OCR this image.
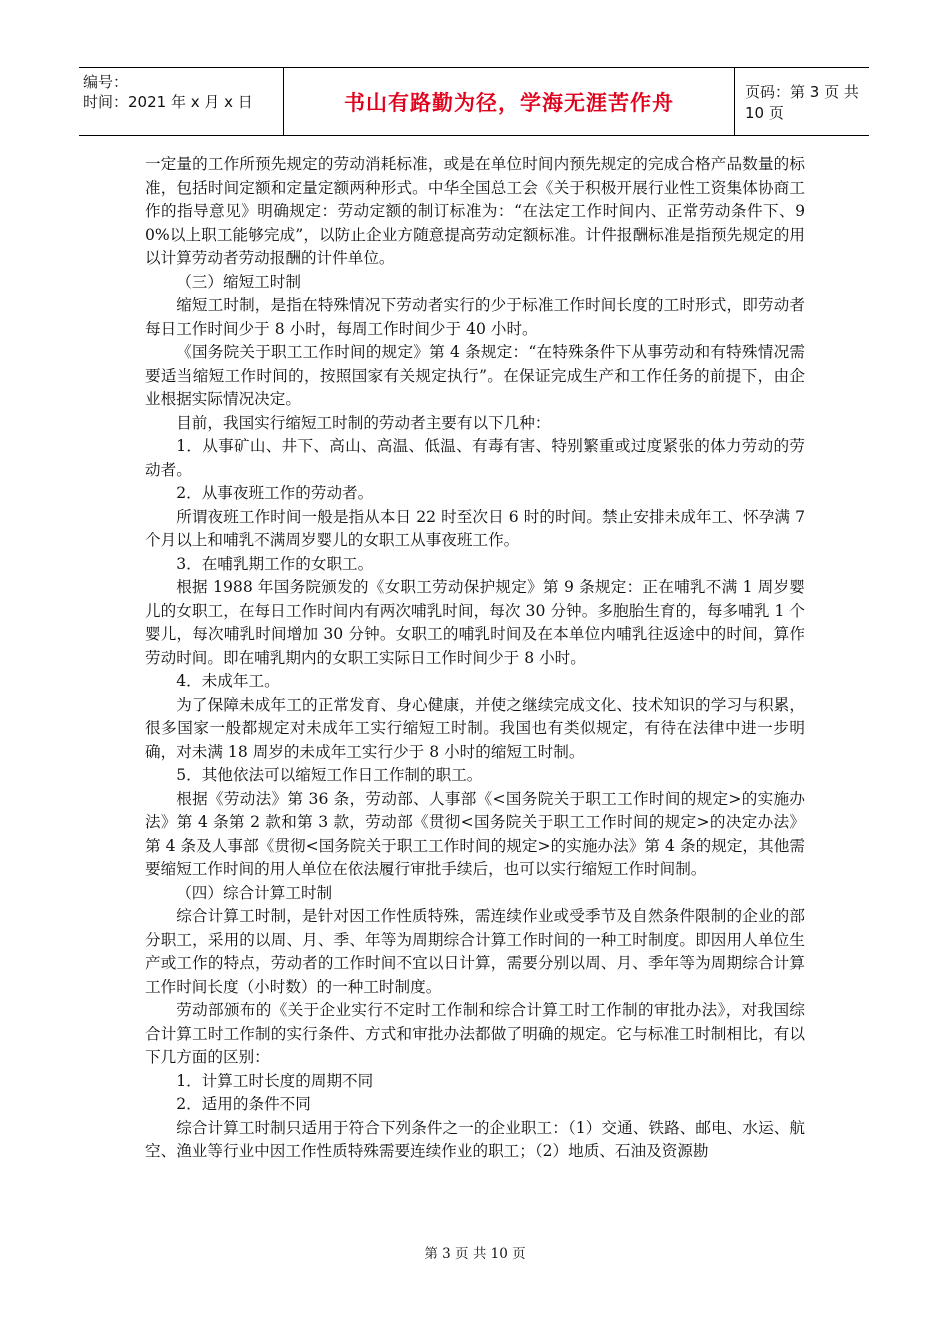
编号：
时间：2021 年 x 月 x 日	书山有路勤为径，学海无涯苦作舟	页码：第 3 页 共 10 页

一定量的工作所预先规定的劳动消耗标准，或是在单位时间内预先规定的完成合格产品数量的标准，包括时间定额和定量定额两种形式。中华全国总工会《关于积极开展行业性工资集体协商工作的指导意见》明确规定：劳动定额的制订标准为：“在法定工作时间内、正常劳动条件下、90%以上职工能够完成”，以防止企业方随意提高劳动定额标准。计件报酬标准是指预先规定的用以计算劳动者劳动报酬的计件单位。

（三）缩短工时制

缩短工时制，是指在特殊情况下劳动者实行的少于标准工作时间长度的工时形式，即劳动者每日工作时间少于 8 小时，每周工作时间少于 40 小时。

《国务院关于职工工作时间的规定》第 4 条规定：“在特殊条件下从事劳动和有特殊情况需要适当缩短工作时间的，按照国家有关规定执行”。在保证完成生产和工作任务的前提下，由企业根据实际情况决定。

目前，我国实行缩短工时制的劳动者主要有以下几种：

1．从事矿山、井下、高山、高温、低温、有毒有害、特别繁重或过度紧张的体力劳动的劳动者。

2．从事夜班工作的劳动者。

所谓夜班工作时间一般是指从本日 22 时至次日 6 时的时间。禁止安排未成年工、怀孕满 7 个月以上和哺乳不满周岁婴儿的女职工从事夜班工作。

3．在哺乳期工作的女职工。

根据 1988 年国务院颁发的《女职工劳动保护规定》第 9 条规定：正在哺乳不满 1 周岁婴儿的女职工，在每日工作时间内有两次哺乳时间，每次 30 分钟。多胞胎生育的，每多哺乳 1 个婴儿，每次哺乳时间增加 30 分钟。女职工的哺乳时间及在本单位内哺乳往返途中的时间，算作劳动时间。即在哺乳期内的女职工实际日工作时间少于 8 小时。

4．未成年工。

为了保障未成年工的正常发育、身心健康，并使之继续完成文化、技术知识的学习与积累，很多国家一般都规定对未成年工实行缩短工时制。我国也有类似规定，有待在法律中进一步明确，对未满 18 周岁的未成年工实行少于 8 小时的缩短工时制。

5．其他依法可以缩短工作日工作制的职工。

根据《劳动法》第 36 条，劳动部、人事部《<国务院关于职工工作时间的规定>的实施办法》第 4 条第 2 款和第 3 款，劳动部《贯彻<国务院关于职工工作时间的规定>的决定办法》第 4 条及人事部《贯彻<国务院关于职工工作时间的规定>的实施办法》第 4 条的规定，其他需要缩短工作时间的用人单位在依法履行审批手续后，也可以实行缩短工作时间制。

（四）综合计算工时制

综合计算工时制，是针对因工作性质特殊，需连续作业或受季节及自然条件限制的企业的部分职工，采用的以周、月、季、年等为周期综合计算工作时间的一种工时制度。即因用人单位生产或工作的特点，劳动者的工作时间不宜以日计算，需要分别以周、月、季年等为周期综合计算工作时间长度（小时数）的一种工时制度。

劳动部颁布的《关于企业实行不定时工作制和综合计算工时工作制的审批办法》，对我国综合计算工时工作制的实行条件、方式和审批办法都做了明确的规定。它与标准工时制相比，有以下几方面的区别：

1．计算工时长度的周期不同

2．适用的条件不同

综合计算工时制只适用于符合下列条件之一的企业职工：（1）交通、铁路、邮电、水运、航空、渔业等行业中因工作性质特殊需要连续作业的职工；（2）地质、石油及资源勘

第 3 页 共 10 页
